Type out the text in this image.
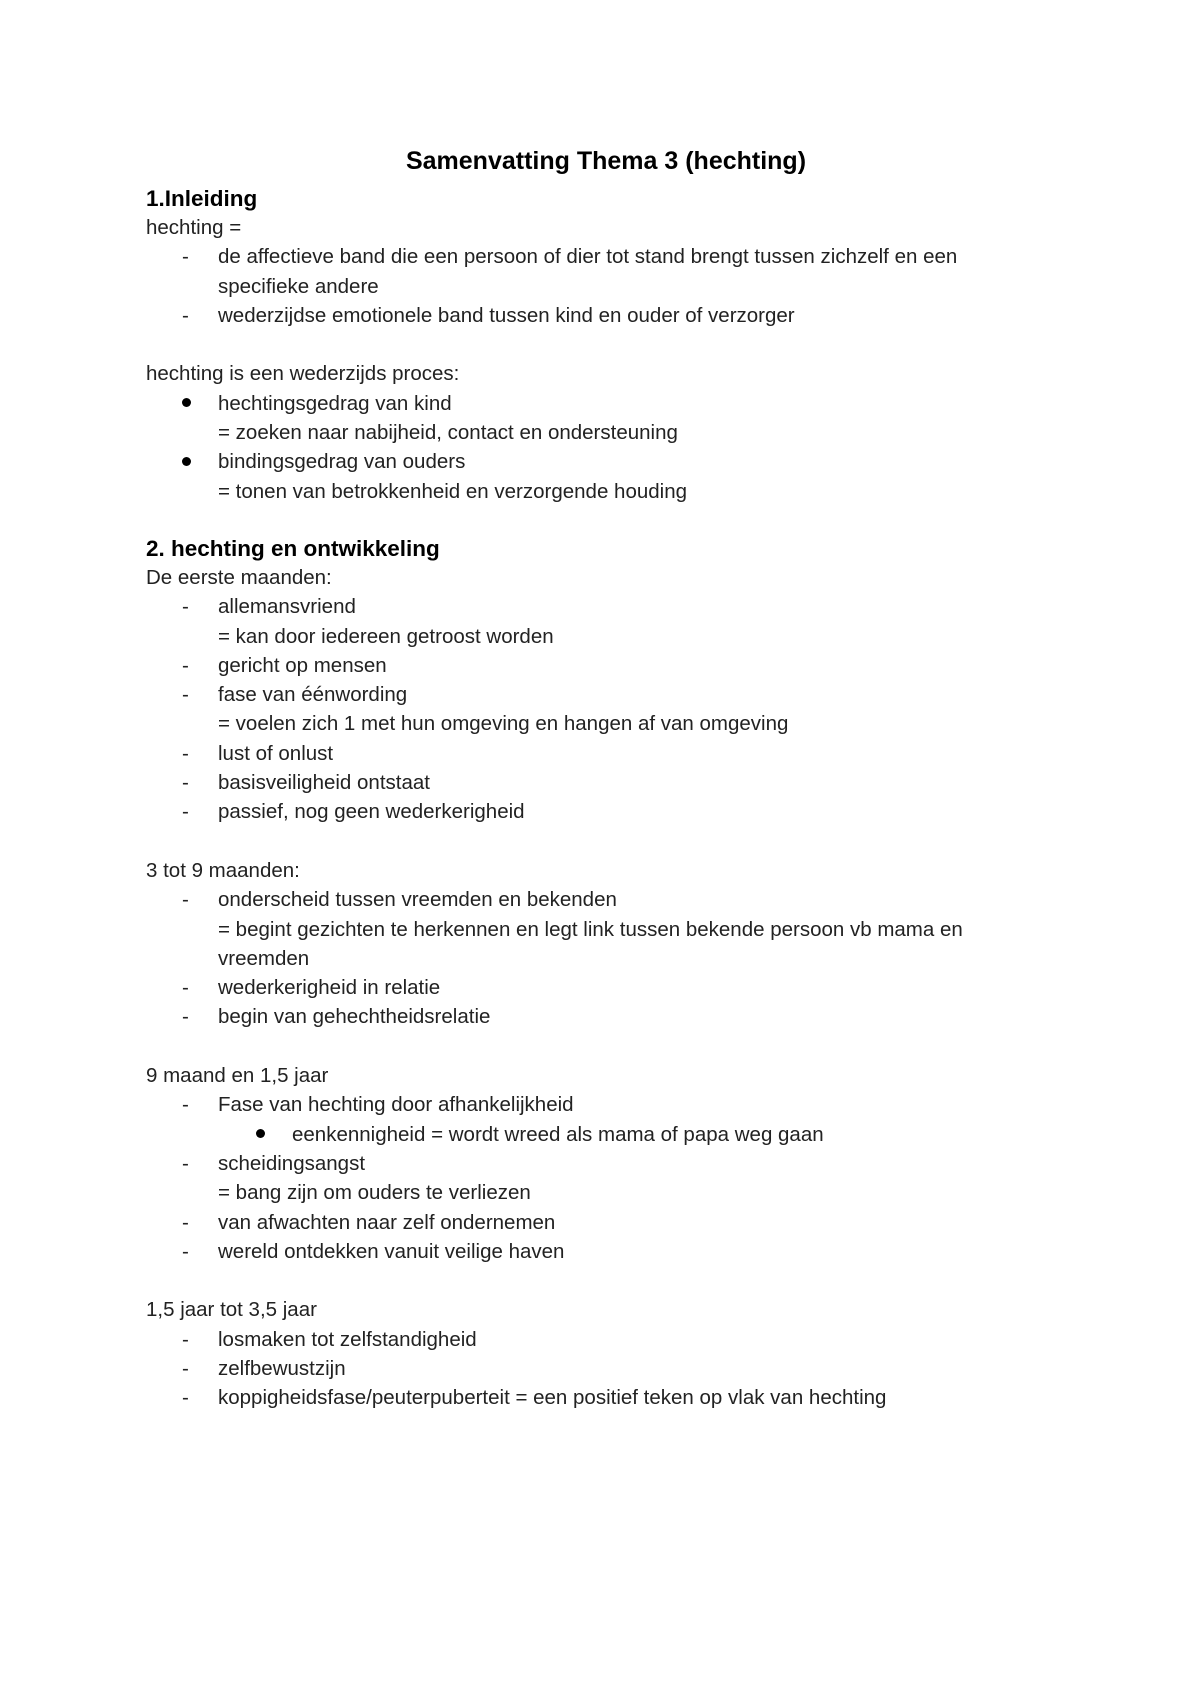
Samenvatting Thema 3 (hechting)
1.Inleiding
hechting =
-	de affectieve band die een persoon of dier tot stand brengt tussen zichzelf en een
specifieke andere
-	wederzijdse emotionele band tussen kind en ouder of verzorger
hechting is een wederzijds proces:
hechtingsgedrag van kind
= zoeken naar nabijheid, contact en ondersteuning
bindingsgedrag van ouders
= tonen van betrokkenheid en verzorgende houding
2. hechting en ontwikkeling
De eerste maanden:
-	allemansvriend
= kan door iedereen getroost worden
-	gericht op mensen
-	fase van éénwording
= voelen zich 1 met hun omgeving en hangen af van omgeving
-	lust of onlust
-	basisveiligheid ontstaat
-	passief, nog geen wederkerigheid
3 tot 9 maanden:
-	onderscheid tussen vreemden en bekenden
= begint gezichten te herkennen en legt link tussen bekende persoon vb mama en
vreemden
-	wederkerigheid in relatie
-	begin van gehechtheidsrelatie
9 maand en 1,5 jaar
-	Fase van hechting door afhankelijkheid
eenkennigheid = wordt wreed als mama of papa weg gaan
-	scheidingsangst
= bang zijn om ouders te verliezen
-	van afwachten naar zelf ondernemen
-	wereld ontdekken vanuit veilige haven
1,5 jaar tot 3,5 jaar
-	losmaken tot zelfstandigheid
-	zelfbewustzijn
-	koppigheidsfase/peuterpuberteit = een positief teken op vlak van hechting
